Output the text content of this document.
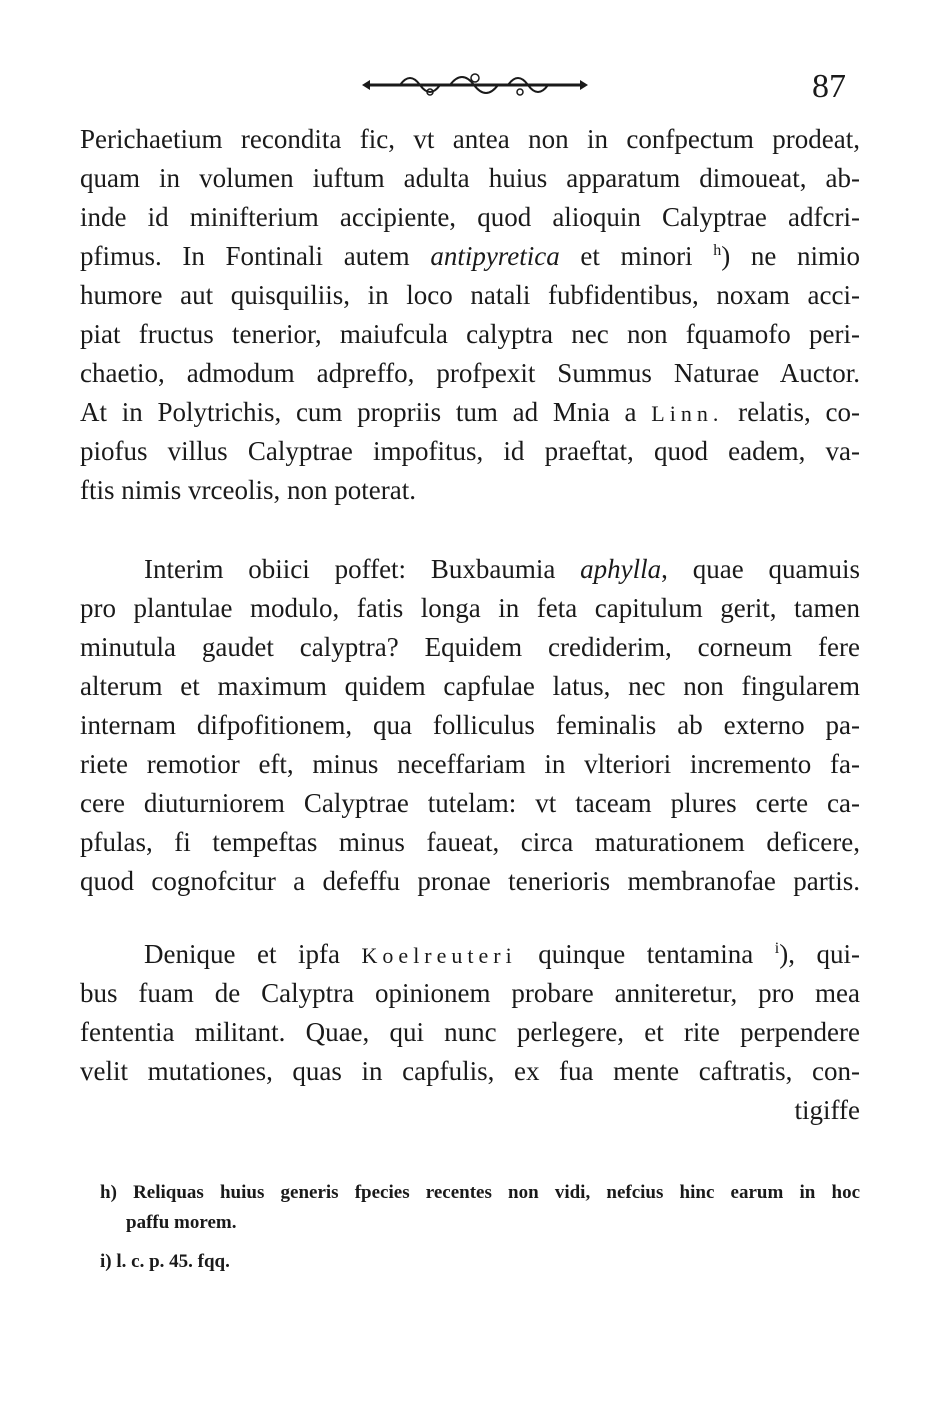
87
Perichaetium recondita fic, vt antea non in confpectum prodeat,
quam in volumen iuftum adulta huius apparatum dimoueat, ab-
inde id minifterium accipiente, quod alioquin Calyptrae adfcri-
pfimus. In Fontinali autem antipyretica et minori $^h$) ne nimio
humore aut quisquiliis, in loco natali fubfidentibus, noxam acci-
piat fructus tenerior, maiufcula calyptra nec non fquamofo peri-
chaetio, admodum adpreffo, profpexit Summus Naturae Auctor.
At in Polytrichis, cum propriis tum ad Mnia a Linn. relatis, co-
piofus villus Calyptrae impofitus, id praeftat, quod eadem, va-
ftis nimis vrceolis, non poterat.
Interim obiici poffet: Buxbaumia aphylla, quae quamuis
pro plantulae modulo, fatis longa in feta capitulum gerit, tamen
minutula gaudet calyptra? Equidem crediderim, corneum fere
alterum et maximum quidem capfulae latus, nec non fingularem
internam difpofitionem, qua folliculus feminalis ab externo pa-
riete remotior eft, minus neceffariam in vlteriori incremento fa-
cere diuturniorem Calyptrae tutelam: vt taceam plures certe ca-
pfulas, fi tempeftas minus faueat, circa maturationem deficere,
quod cognofcitur a defeffu pronae tenerioris membranofae partis.
Denique et ipfa Koelreuteri quinque tentamina $^i$), qui-
bus fuam de Calyptra opinionem probare anniteretur, pro mea
fententia militant. Quae, qui nunc perlegere, et rite perpendere
velit mutationes, quas in capfulis, ex fua mente caftratis, con-
tigiffe
h) Reliquas huius generis fpecies recentes non vidi, nefcius hinc earum in hoc
paffu morem.
i) l. c. p. 45. fqq.
